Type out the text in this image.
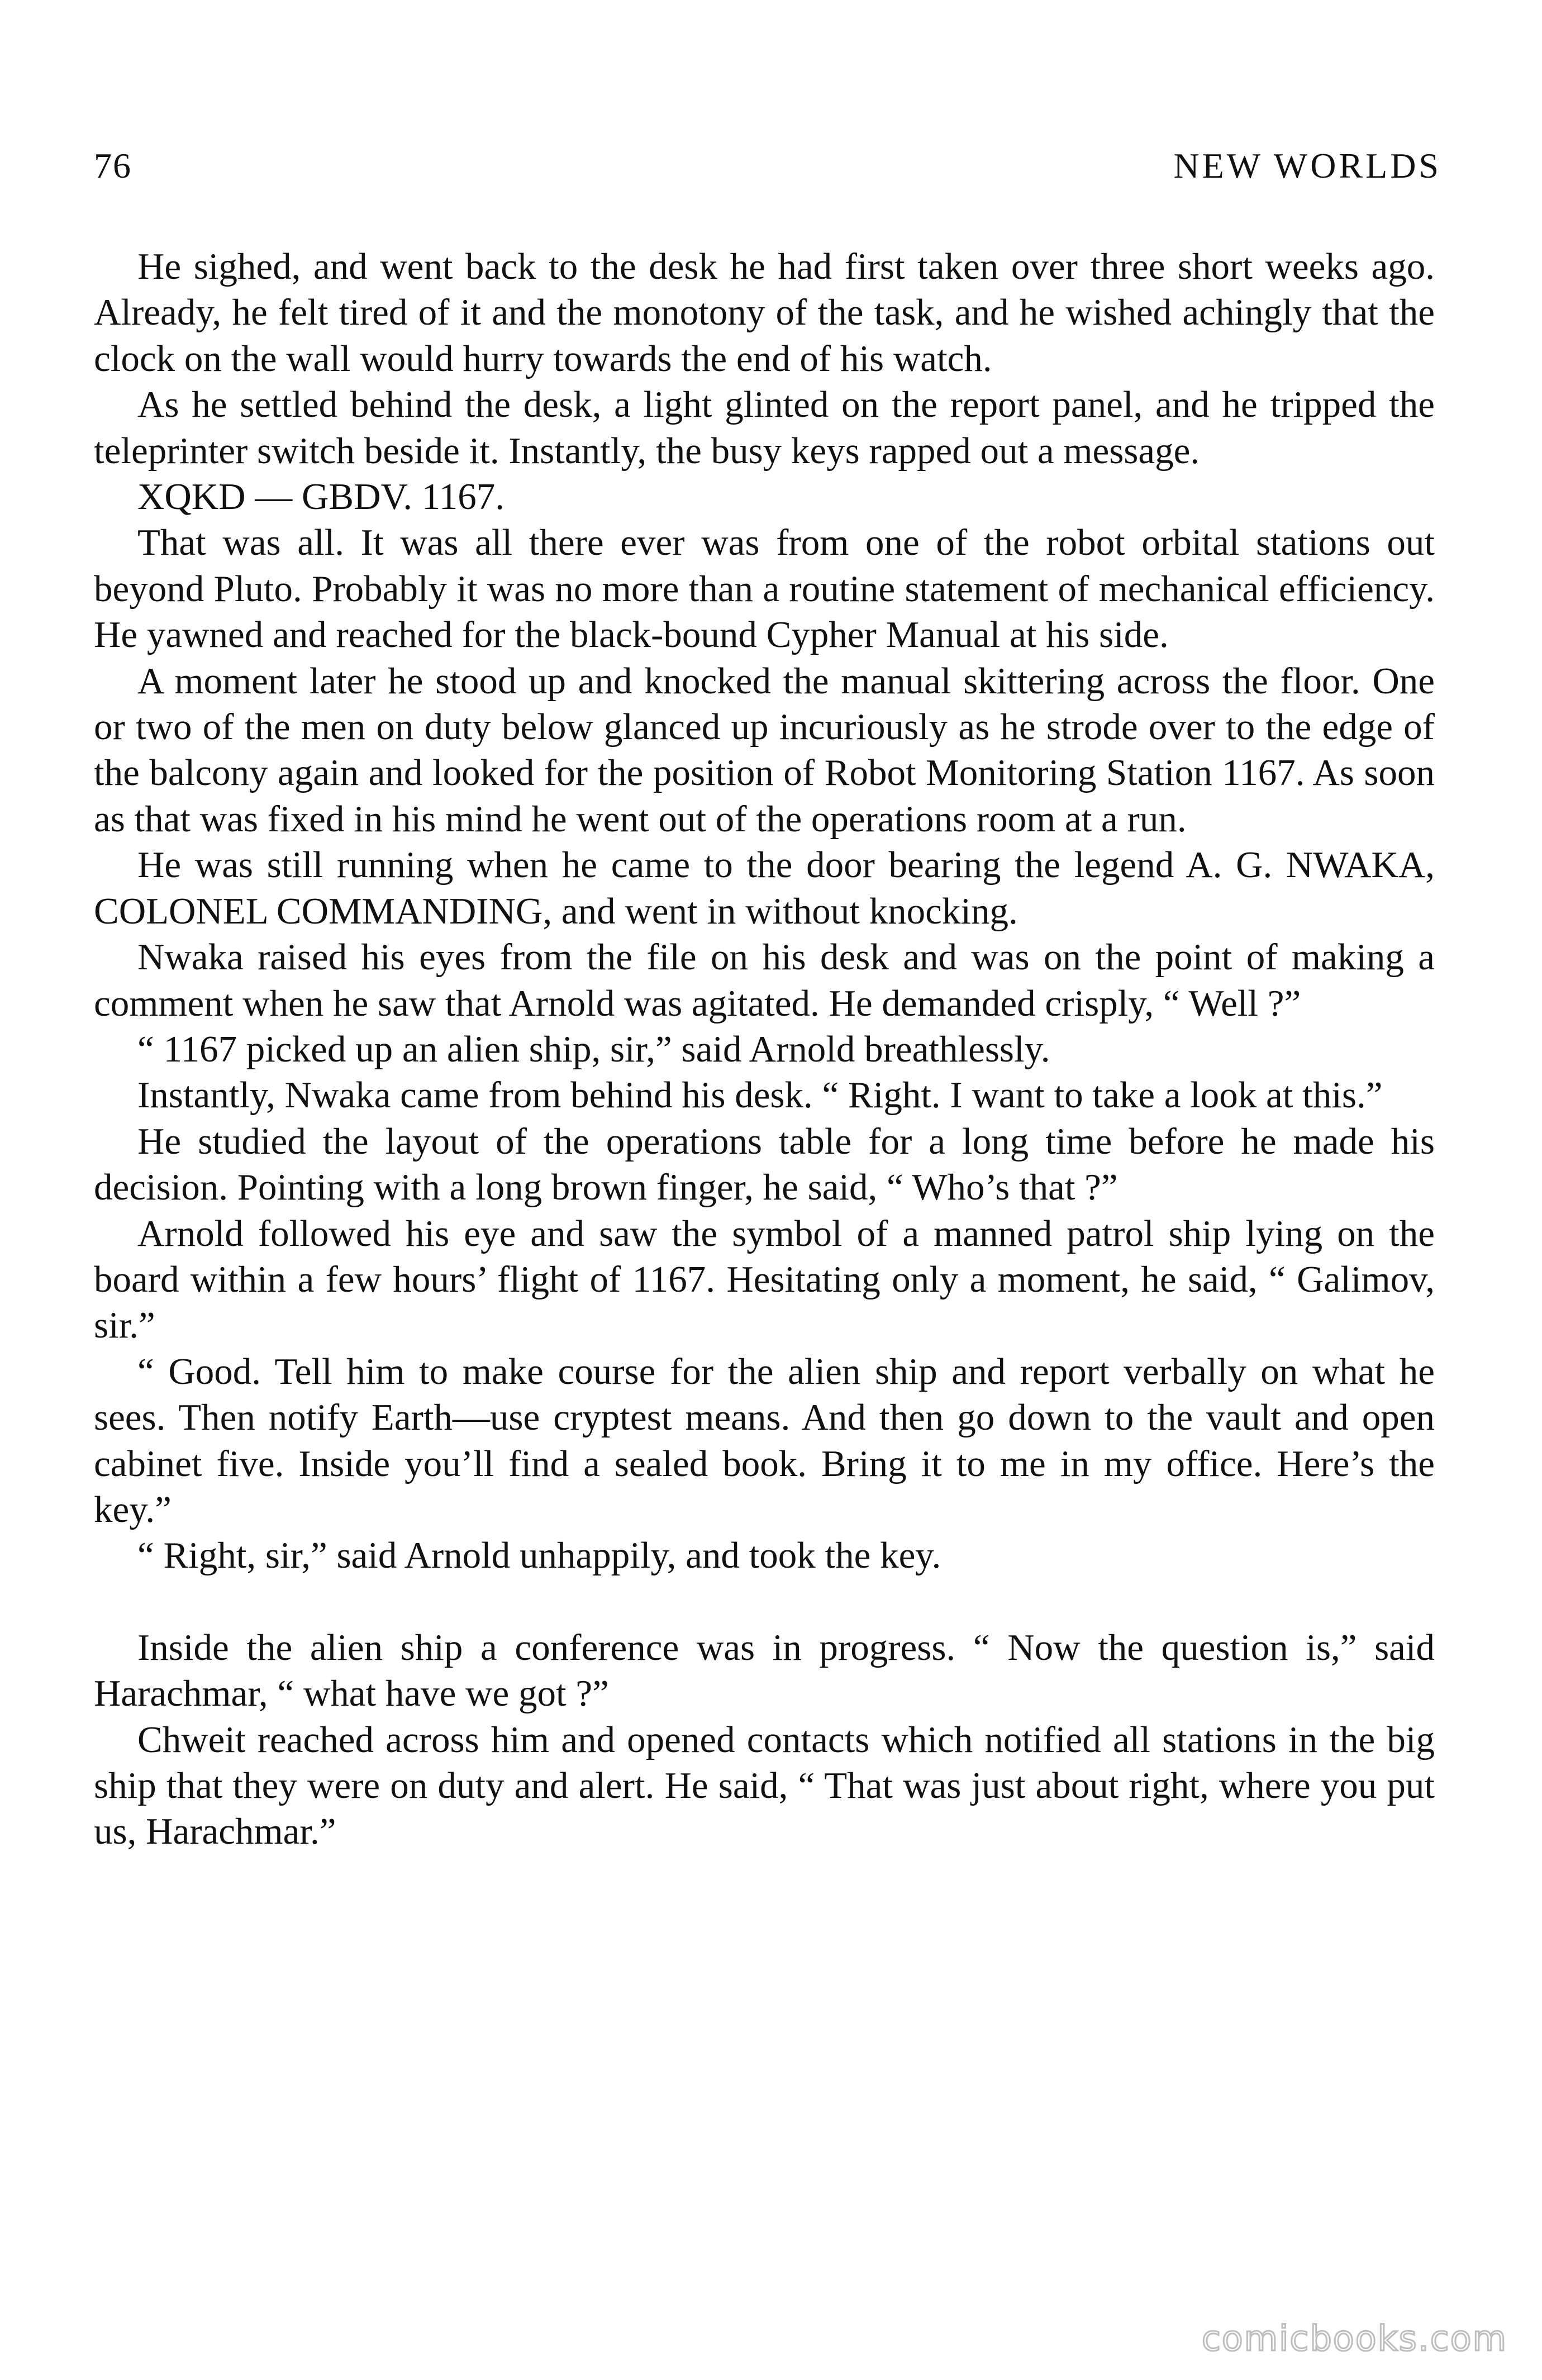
76	NEW WORLDS

He sighed, and went back to the desk he had first taken over three short weeks ago. Already, he felt tired of it and the monotony of the task, and he wished achingly that the clock on the wall would hurry towards the end of his watch.

As he settled behind the desk, a light glinted on the report panel, and he tripped the teleprinter switch beside it. Instantly, the busy keys rapped out a message.

XQKD — GBDV. 1167.

That was all. It was all there ever was from one of the robot orbital stations out beyond Pluto. Probably it was no more than a routine statement of mechanical efficiency. He yawned and reached for the black-bound Cypher Manual at his side.

A moment later he stood up and knocked the manual skittering across the floor. One or two of the men on duty below glanced up incuriously as he strode over to the edge of the balcony again and looked for the position of Robot Monitoring Station 1167. As soon as that was fixed in his mind he went out of the operations room at a run.

He was still running when he came to the door bearing the legend A. G. NWAKA, COLONEL COMMANDING, and went in without knocking.

Nwaka raised his eyes from the file on his desk and was on the point of making a comment when he saw that Arnold was agitated. He demanded crisply, “ Well ?”

“ 1167 picked up an alien ship, sir,” said Arnold breathlessly.

Instantly, Nwaka came from behind his desk. “ Right. I want to take a look at this.”

He studied the layout of the operations table for a long time before he made his decision. Pointing with a long brown finger, he said, “ Who’s that ?”

Arnold followed his eye and saw the symbol of a manned patrol ship lying on the board within a few hours’ flight of 1167. Hesitating only a moment, he said, “ Galimov, sir.”

“ Good. Tell him to make course for the alien ship and report verbally on what he sees. Then notify Earth—use cryptest means. And then go down to the vault and open cabinet five. Inside you’ll find a sealed book. Bring it to me in my office. Here’s the key.”

“ Right, sir,” said Arnold unhappily, and took the key.

Inside the alien ship a conference was in progress. “ Now the question is,” said Harachmar, “ what have we got ?”

Chweit reached across him and opened contacts which notified all stations in the big ship that they were on duty and alert. He said, “ That was just about right, where you put us, Harachmar.”

comicbooks.com
